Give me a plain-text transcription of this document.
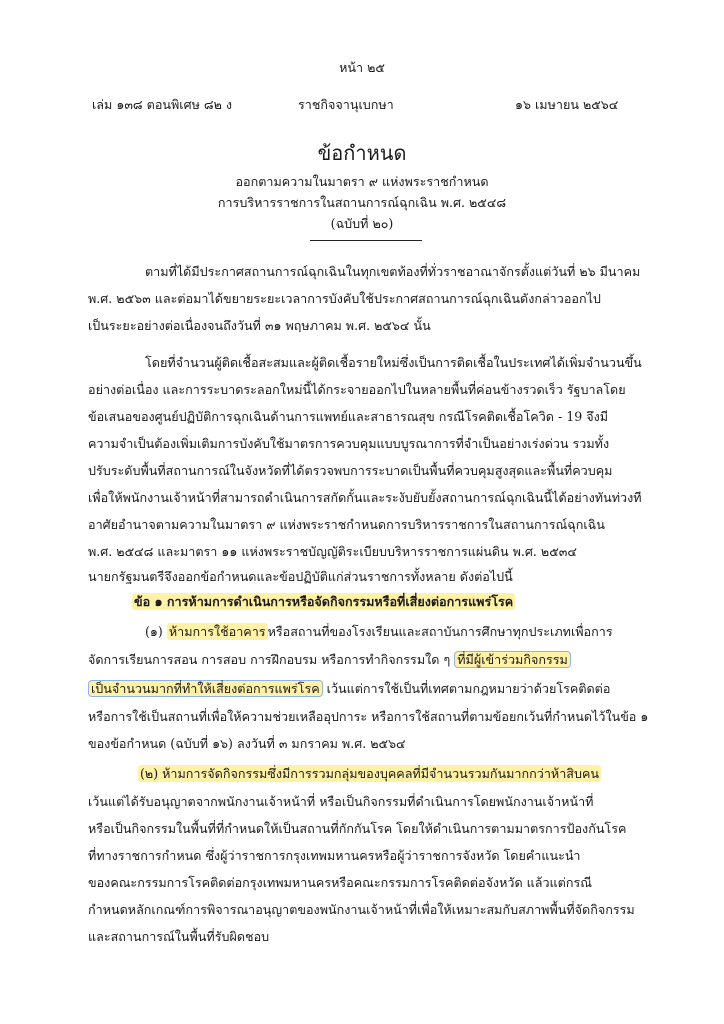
หน้า ๒๕
เล่ม ๑๓๘ ตอนพิเศษ ๘๒ ง	ราชกิจจานุเบกษา	๑๖ เมษายน ๒๕๖๔
ข้อกำหนด
ออกตามความในมาตรา ๙ แห่งพระราชกำหนด
การบริหารราชการในสถานการณ์ฉุกเฉิน พ.ศ. ๒๕๔๘
(ฉบับที่ ๒๐)
ตามที่ได้มีประกาศสถานการณ์ฉุกเฉินในทุกเขตท้องที่ทั่วราชอาณาจักรตั้งแต่วันที่ ๒๖ มีนาคม
พ.ศ. ๒๕๖๓ และต่อมาได้ขยายระยะเวลาการบังคับใช้ประกาศสถานการณ์ฉุกเฉินดังกล่าวออกไป
เป็นระยะอย่างต่อเนื่องจนถึงวันที่ ๓๑ พฤษภาคม พ.ศ. ๒๕๖๔ นั้น
โดยที่จำนวนผู้ติดเชื้อสะสมและผู้ติดเชื้อรายใหม่ซึ่งเป็นการติดเชื้อในประเทศได้เพิ่มจำนวนขึ้น
อย่างต่อเนื่อง และการระบาดระลอกใหม่นี้ได้กระจายออกไปในหลายพื้นที่ค่อนข้างรวดเร็ว รัฐบาลโดย
ข้อเสนอของศูนย์ปฏิบัติการฉุกเฉินด้านการแพทย์และสาธารณสุข กรณีโรคติดเชื้อโควิด - 19 จึงมี
ความจำเป็นต้องเพิ่มเติมการบังคับใช้มาตรการควบคุมแบบบูรณาการที่จำเป็นอย่างเร่งด่วน รวมทั้ง
ปรับระดับพื้นที่สถานการณ์ในจังหวัดที่ได้ตรวจพบการระบาดเป็นพื้นที่ควบคุมสูงสุดและพื้นที่ควบคุม
เพื่อให้พนักงานเจ้าหน้าที่สามารถดำเนินการสกัดกั้นและระงับยับยั้งสถานการณ์ฉุกเฉินนี้ได้อย่างทันท่วงที
อาศัยอำนาจตามความในมาตรา ๙ แห่งพระราชกำหนดการบริหารราชการในสถานการณ์ฉุกเฉิน
พ.ศ. ๒๕๔๘ และมาตรา ๑๑ แห่งพระราชบัญญัติระเบียบบริหารราชการแผ่นดิน พ.ศ. ๒๕๓๔
นายกรัฐมนตรีจึงออกข้อกำหนดและข้อปฏิบัติแก่ส่วนราชการทั้งหลาย ดังต่อไปนี้
ข้อ ๑ การห้ามการดำเนินการหรือจัดกิจกรรมหรือที่เสี่ยงต่อการแพร่โรค
(๑) ห้ามการใช้อาคาร หรือสถานที่ของโรงเรียนและสถาบันการศึกษาทุกประเภทเพื่อการ
จัดการเรียนการสอน การสอบ การฝึกอบรม หรือการทำกิจกรรมใด ๆ ที่มีผู้เข้าร่วมกิจกรรม
เป็นจำนวนมากที่ทำให้เสี่ยงต่อการแพร่โรค เว้นแต่การใช้เป็นที่เทศตามกฎหมายว่าด้วยโรคติดต่อ
หรือการใช้เป็นสถานที่เพื่อให้ความช่วยเหลืออุปการะ หรือการใช้สถานที่ตามข้อยกเว้นที่กำหนดไว้ในข้อ ๑
ของข้อกำหนด (ฉบับที่ ๑๖) ลงวันที่ ๓ มกราคม พ.ศ. ๒๕๖๔
(๒) ห้ามการจัดกิจกรรมซึ่งมีการรวมกลุ่มของบุคคลที่มีจำนวนรวมกันมากกว่าห้าสิบคน
เว้นแต่ได้รับอนุญาตจากพนักงานเจ้าหน้าที่ หรือเป็นกิจกรรมที่ดำเนินการโดยพนักงานเจ้าหน้าที่
หรือเป็นกิจกรรมในพื้นที่ที่กำหนดให้เป็นสถานที่กักกันโรค โดยให้ดำเนินการตามมาตรการป้องกันโรค
ที่ทางราชการกำหนด ซึ่งผู้ว่าราชการกรุงเทพมหานครหรือผู้ว่าราชการจังหวัด โดยคำแนะนำ
ของคณะกรรมการโรคติดต่อกรุงเทพมหานครหรือคณะกรรมการโรคติดต่อจังหวัด แล้วแต่กรณี
กำหนดหลักเกณฑ์การพิจารณาอนุญาตของพนักงานเจ้าหน้าที่เพื่อให้เหมาะสมกับสภาพพื้นที่จัดกิจกรรม
และสถานการณ์ในพื้นที่รับผิดชอบ
